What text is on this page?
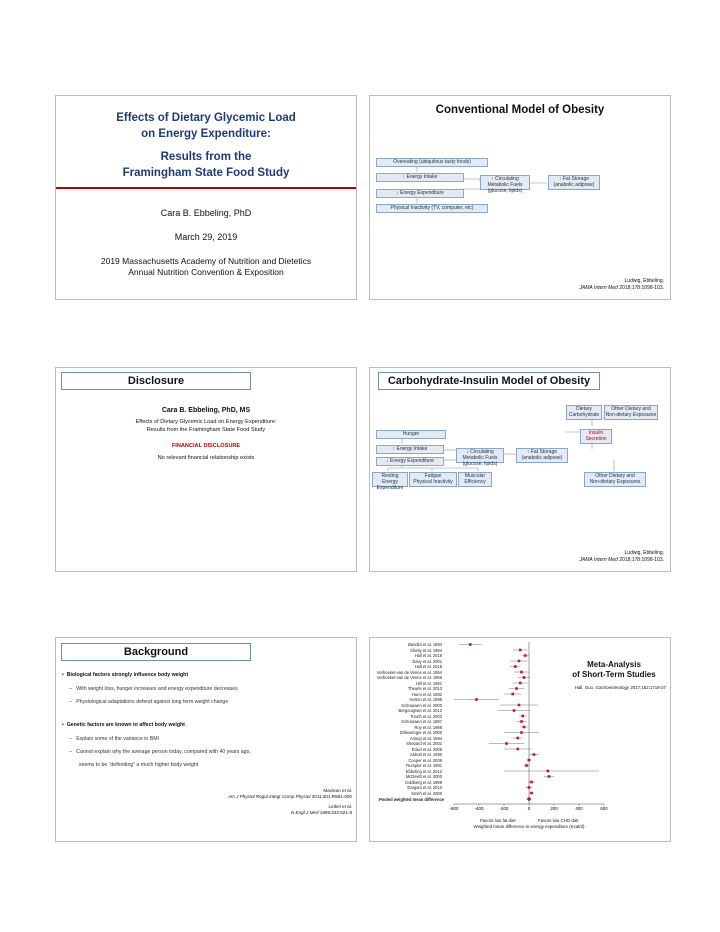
Effects of Dietary Glycemic Load
on Energy Expenditure:
Results from the
Framingham State Food Study
Cara B. Ebbeling, PhD
March 29, 2019
2019 Massachusetts Academy of Nutrition and Dietetics
Annual Nutrition Convention & Exposition
Conventional Model of Obesity
Overeating (ubiquitous tasty foods)
↑ Energy Intake	↑ Circulating Metabolic Fuels
(glucose, lipids)
↑ Fat Storage
(anabolic adipose)
↓ Energy Expenditure
Physical Inactivity (TV, computer, etc)
Ludwig, Ebbeling.
JAMA Intern Med 2018;178:1098-103.
Disclosure
Cara B. Ebbeling, PhD, MS
Effects of Dietary Glycemic Load on Energy Expenditure:
Results from the Framingham State Food Study
FINANCIAL DISCLOSURE
No relevant financial relationship exists
Carbohydrate-Insulin Model of Obesity
Dietary
Carbohydrate
Other Dietary and
Non-dietary Exposures
Hunger	Insulin
Secretion
↑ Energy Intake	↓ Circulating Metabolic Fuels
(glucose, lipids)
↑ Fat Storage
(anabolic adipose)
↓ Energy Expenditure
Resting Energy
Expenditure
Fatigue
Physical Inactivity
Muscular
Efficiency
Other Dietary and
Non-dietary Exposures
Ludwig, Ebbeling.
JAMA Intern Med 2018;178:1098-103.
Background
•  Biological factors strongly influence body weight
–   With weight loss, hunger increases and energy expenditure decreases
–   Physiological adaptations defend against long term weight change
•  Genetic factors are known to affect body weight
–   Explain some of the variance in BMI
–   Cannot explain why the average person today, compared with 40 years ago,
seems to be “defending” a much higher body weight
Maclean et al.
Am J Physiol Regul Integr Comp Physiol 2011;301:R581-600
Leibel et al.
N Engl J Med 1995;332:621-8
Bandini et al. 1994
Shetty et al. 1994
Hall et al. 2016
Davy et al. 2001
Hall et al. 2015
Verboeket-van de Venne et al. 1994
Verboeket-van de Venne et al. 1996
Hill et al. 1991
Thearle et al. 2013
Hurni et al. 1982
Horton et al. 1995
Schrauwen et al. 2000
Bergouignan et al. 2012
Treuth et al. 2003
Schrauwen et al. 1997
Roy et al. 1998
Dirlewanger et al. 2000
Astrup et al. 1994
Shepard et al. 2001
Eckel et al. 2006
Abbott et al. 1990
Cooper et al. 2009
Rumpler et al. 1991
Ebbeling et al. 2012
McDevitt et al. 2000
Goldberg et al. 1998
Dargani et al. 2010
Smith et al. 2000
Pooled weighted mean difference
-600	-400	-200	0	200	400	600
Meta-Analysis
of Short-Term Studies
Hall, Guo. Gastroenterology 2017;152:1718-27
Favors low fat diet	Favors low CHO diet
Weighted mean difference in energy expenditure (Kcal/d)
